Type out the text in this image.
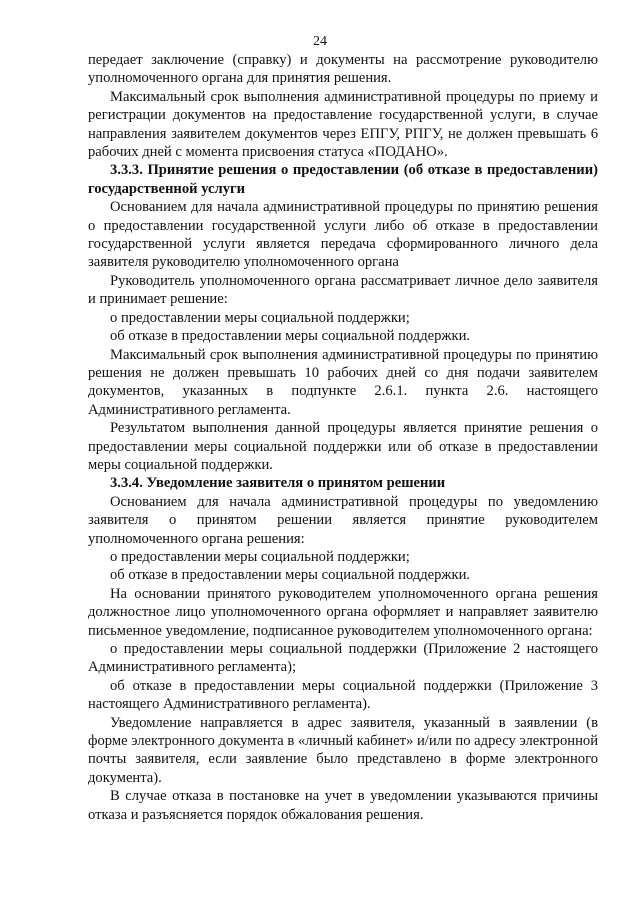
24

передает заключение (справку) и документы на рассмотрение руководителю уполномоченного органа для принятия решения.

Максимальный срок выполнения административной процедуры по приему и регистрации документов на предоставление государственной услуги, в случае направления заявителем документов через ЕПГУ, РПГУ, не должен превышать 6 рабочих дней с момента присвоения статуса «ПОДАНО».

3.3.3. Принятие решения о предоставлении (об отказе в предоставлении) государственной услуги

Основанием для начала административной процедуры по принятию решения о предоставлении государственной услуги либо об отказе в предоставлении государственной услуги является передача сформированного личного дела заявителя руководителю уполномоченного органа

Руководитель уполномоченного органа рассматривает личное дело заявителя и принимает решение:

о предоставлении меры социальной поддержки;

об отказе в предоставлении меры социальной поддержки.

Максимальный срок выполнения административной процедуры по принятию решения не должен превышать 10 рабочих дней со дня подачи заявителем документов, указанных в подпункте 2.6.1. пункта 2.6. настоящего Административного регламента.

Результатом выполнения данной процедуры является принятие решения о предоставлении меры социальной поддержки или об отказе в предоставлении меры социальной поддержки.

3.3.4. Уведомление заявителя о принятом решении

Основанием для начала административной процедуры по уведомлению заявителя о принятом решении является принятие руководителем уполномоченного органа решения:

о предоставлении меры социальной поддержки;

об отказе в предоставлении меры социальной поддержки.

На основании принятого руководителем уполномоченного органа решения должностное лицо уполномоченного органа оформляет и направляет заявителю письменное уведомление, подписанное руководителем уполномоченного органа:

о предоставлении меры социальной поддержки (Приложение 2 настоящего Административного регламента);

об отказе в предоставлении меры социальной поддержки (Приложение 3 настоящего Административного регламента).

Уведомление направляется в адрес заявителя, указанный в заявлении (в форме электронного документа в «личный кабинет» и/или по адресу электронной почты заявителя, если заявление было представлено в форме электронного документа).

В случае отказа в постановке на учет в уведомлении указываются причины отказа и разъясняется порядок обжалования решения.
